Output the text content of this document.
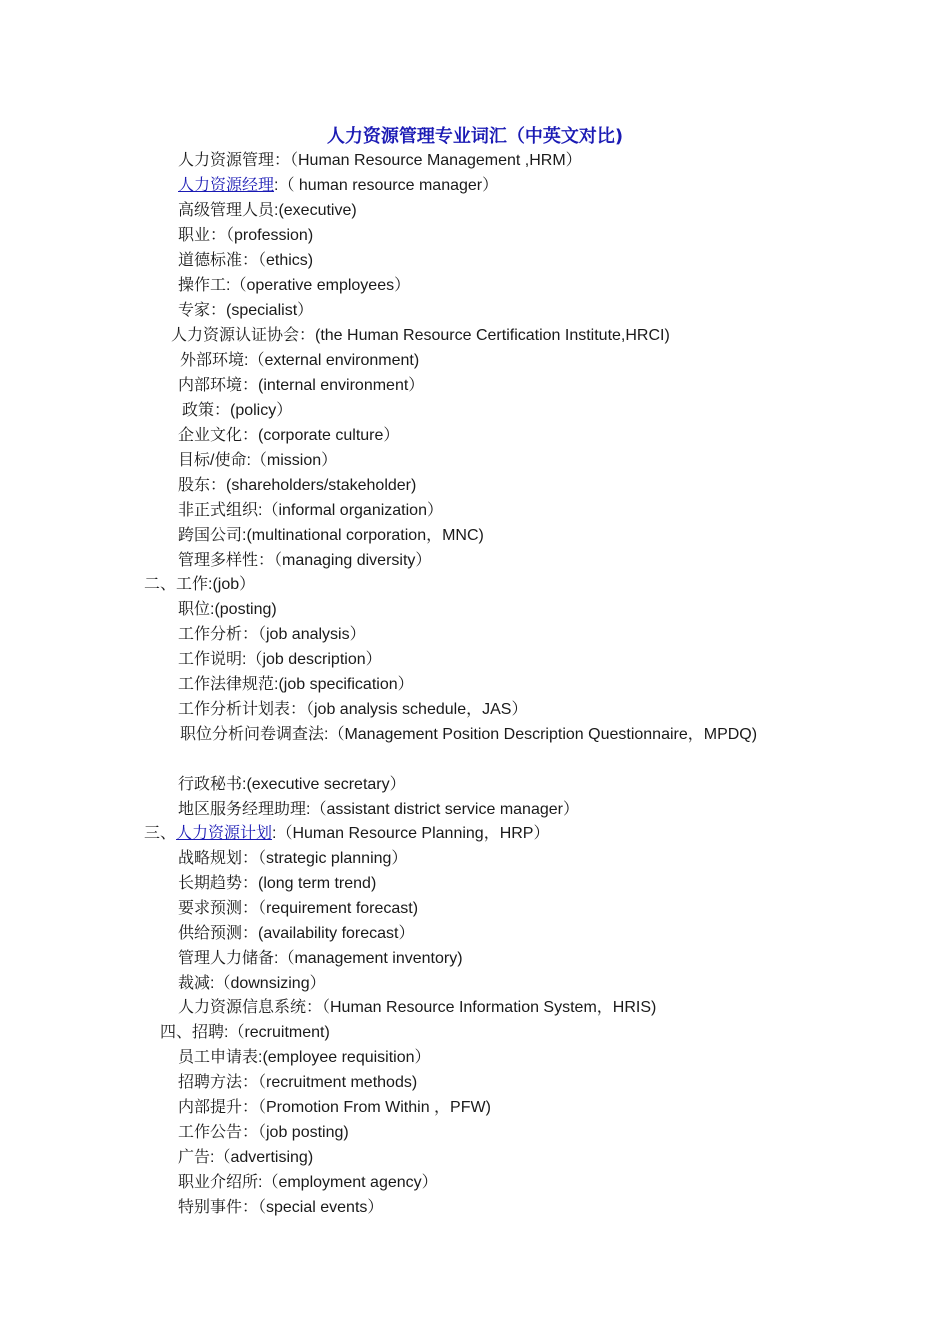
人力资源管理专业词汇（中英文对比)
人力资源管理：（Human Resource Management ,HRM）
人力资源经理:（ human resource manager）
高级管理人员:(executive)
职业：（profession)
道德标准：（ethics)
操作工:（operative employees）
专家：(specialist）
人力资源认证协会：(the Human Resource Certification Institute,HRCI)
外部环境:（external environment)
内部环境：(internal environment）
政策：(policy）
企业文化：(corporate culture）
目标/使命:（mission）
股东：(shareholders/stakeholder)
非正式组织:（informal organization）
跨国公司:(multinational corporation，MNC)
管理多样性：（managing diversity）
二、工作:(job）
职位:(posting)
工作分析：（job analysis）
工作说明:（job description）
工作法律规范:(job specification）
工作分析计划表：（job analysis schedule，JAS）
职位分析问卷调查法:（Management Position Description Questionnaire，MPDQ)
行政秘书:(executive secretary）
地区服务经理助理:（assistant district service manager）
三、人力资源计划:（Human Resource Planning，HRP）
战略规划：（strategic planning）
长期趋势：(long term trend)
要求预测：（requirement forecast)
供给预测：(availability forecast）
管理人力储备:（management inventory)
裁减:（downsizing）
人力资源信息系统：（Human Resource Information System，HRIS)
四、招聘:（recruitment)
员工申请表:(employee requisition）
招聘方法：（recruitment methods)
内部提升：（Promotion From Within ，PFW)
工作公告：（job posting)
广告:（advertising)
职业介绍所:（employment agency）
特别事件：（special events）
